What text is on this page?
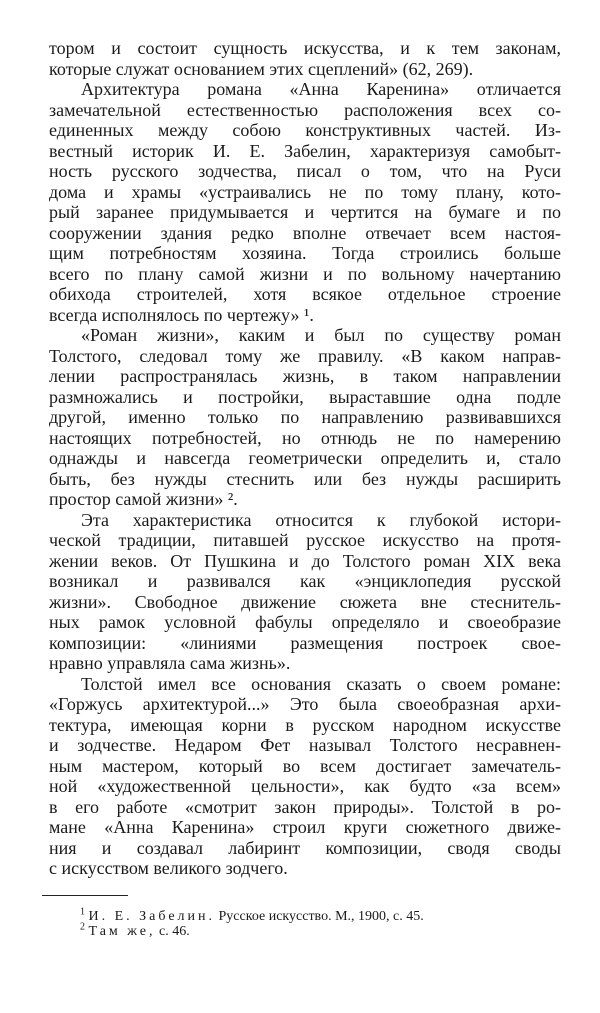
тором и состоит сущность искусства, и к тем законам,
которые служат основанием этих сцеплений» (62, 269).
Архитектура романа «Анна Каренина» отличается
замечательной естественностью расположения всех со-
единенных между собою конструктивных частей. Из-
вестный историк И. Е. Забелин, характеризуя самобыт-
ность русского зодчества, писал о том, что на Руси
дома и храмы «устраивались не по тому плану, кото-
рый заранее придумывается и чертится на бумаге и по
сооружении здания редко вполне отвечает всем настоя-
щим потребностям хозяина. Тогда строились больше
всего по плану самой жизни и по вольному начертанию
обихода строителей, хотя всякое отдельное строение
всегда исполнялось по чертежу» ¹.
«Роман жизни», каким и был по существу роман
Толстого, следовал тому же правилу. «В каком направ-
лении распространялась жизнь, в таком направлении
размножались и постройки, выраставшие одна подле
другой, именно только по направлению развивавшихся
настоящих потребностей, но отнюдь не по намерению
однажды и навсегда геометрически определить и, стало
быть, без нужды стеснить или без нужды расширить
простор самой жизни» ².
Эта характеристика относится к глубокой истори-
ческой традиции, питавшей русское искусство на протя-
жении веков. От Пушкина и до Толстого роман XIX века
возникал и развивался как «энциклопедия русской
жизни». Свободное движение сюжета вне стеснитель-
ных рамок условной фабулы определяло и своеобразие
композиции: «линиями размещения построек свое-
нравно управляла сама жизнь».
Толстой имел все основания сказать о своем романе:
«Горжусь архитектурой...» Это была своеобразная архи-
тектура, имеющая корни в русском народном искусстве
и зодчестве. Недаром Фет называл Толстого несравнен-
ным мастером, который во всем достигает замечатель-
ной «художественной цельности», как будто «за всем»
в его работе «смотрит закон природы». Толстой в ро-
мане «Анна Каренина» строил круги сюжетного движе-
ния и создавал лабиринт композиции, сводя своды
с искусством великого зодчего.
$^1$ И. Е. Забелин. Русское искусство. М., 1900, с. 45.
$^2$ Там же, с. 46.
